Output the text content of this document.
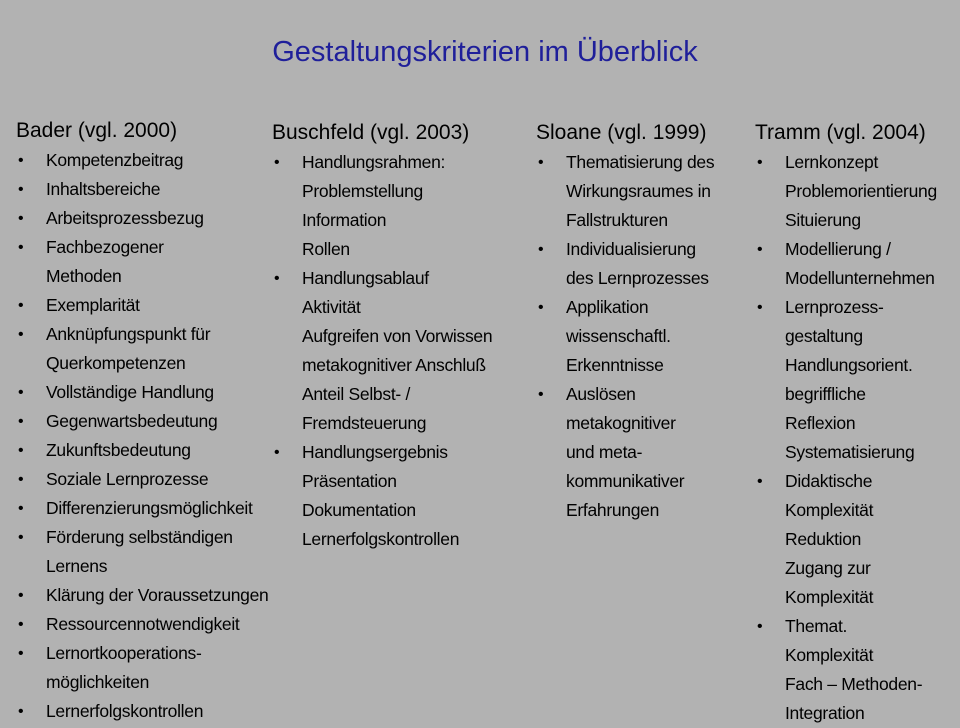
Gestaltungskriterien im Überblick
Bader (vgl. 2000)
• Kompetenzbeitrag
• Inhaltsbereiche
• Arbeitsprozessbezug
• Fachbezogener
Methoden
• Exemplarität
• Anknüpfungspunkt für
Querkompetenzen
• Vollständige Handlung
• Gegenwartsbedeutung
• Zukunftsbedeutung
• Soziale Lernprozesse
• Differenzierungsmöglichkeit
• Förderung selbständigen
Lernens
• Klärung der Voraussetzungen
• Ressourcennotwendigkeit
• Lernortkooperations-
möglichkeiten
• Lernerfolgskontrollen
Buschfeld (vgl. 2003)
• Handlungsrahmen:
Problemstellung
Information
Rollen
• Handlungsablauf
Aktivität
Aufgreifen von Vorwissen
metakognitiver Anschluß
Anteil Selbst- /
Fremdsteuerung
• Handlungsergebnis
Präsentation
Dokumentation
Lernerfolgskontrollen
Sloane (vgl. 1999)
• Thematisierung des
Wirkungsraumes in
Fallstrukturen
• Individualisierung
des Lernprozesses
• Applikation
wissenschaftl.
Erkenntnisse
• Auslösen
metakognitiver
und meta-
kommunikativer
Erfahrungen
Tramm (vgl. 2004)
• Lernkonzept
Problemorientierung
Situierung
• Modellierung /
Modellunternehmen
• Lernprozess-
gestaltung
Handlungsorient.
begriffliche
Reflexion
Systematisierung
• Didaktische
Komplexität
Reduktion
Zugang zur
Komplexität
• Themat.
Komplexität
Fach – Methoden-
Integration
